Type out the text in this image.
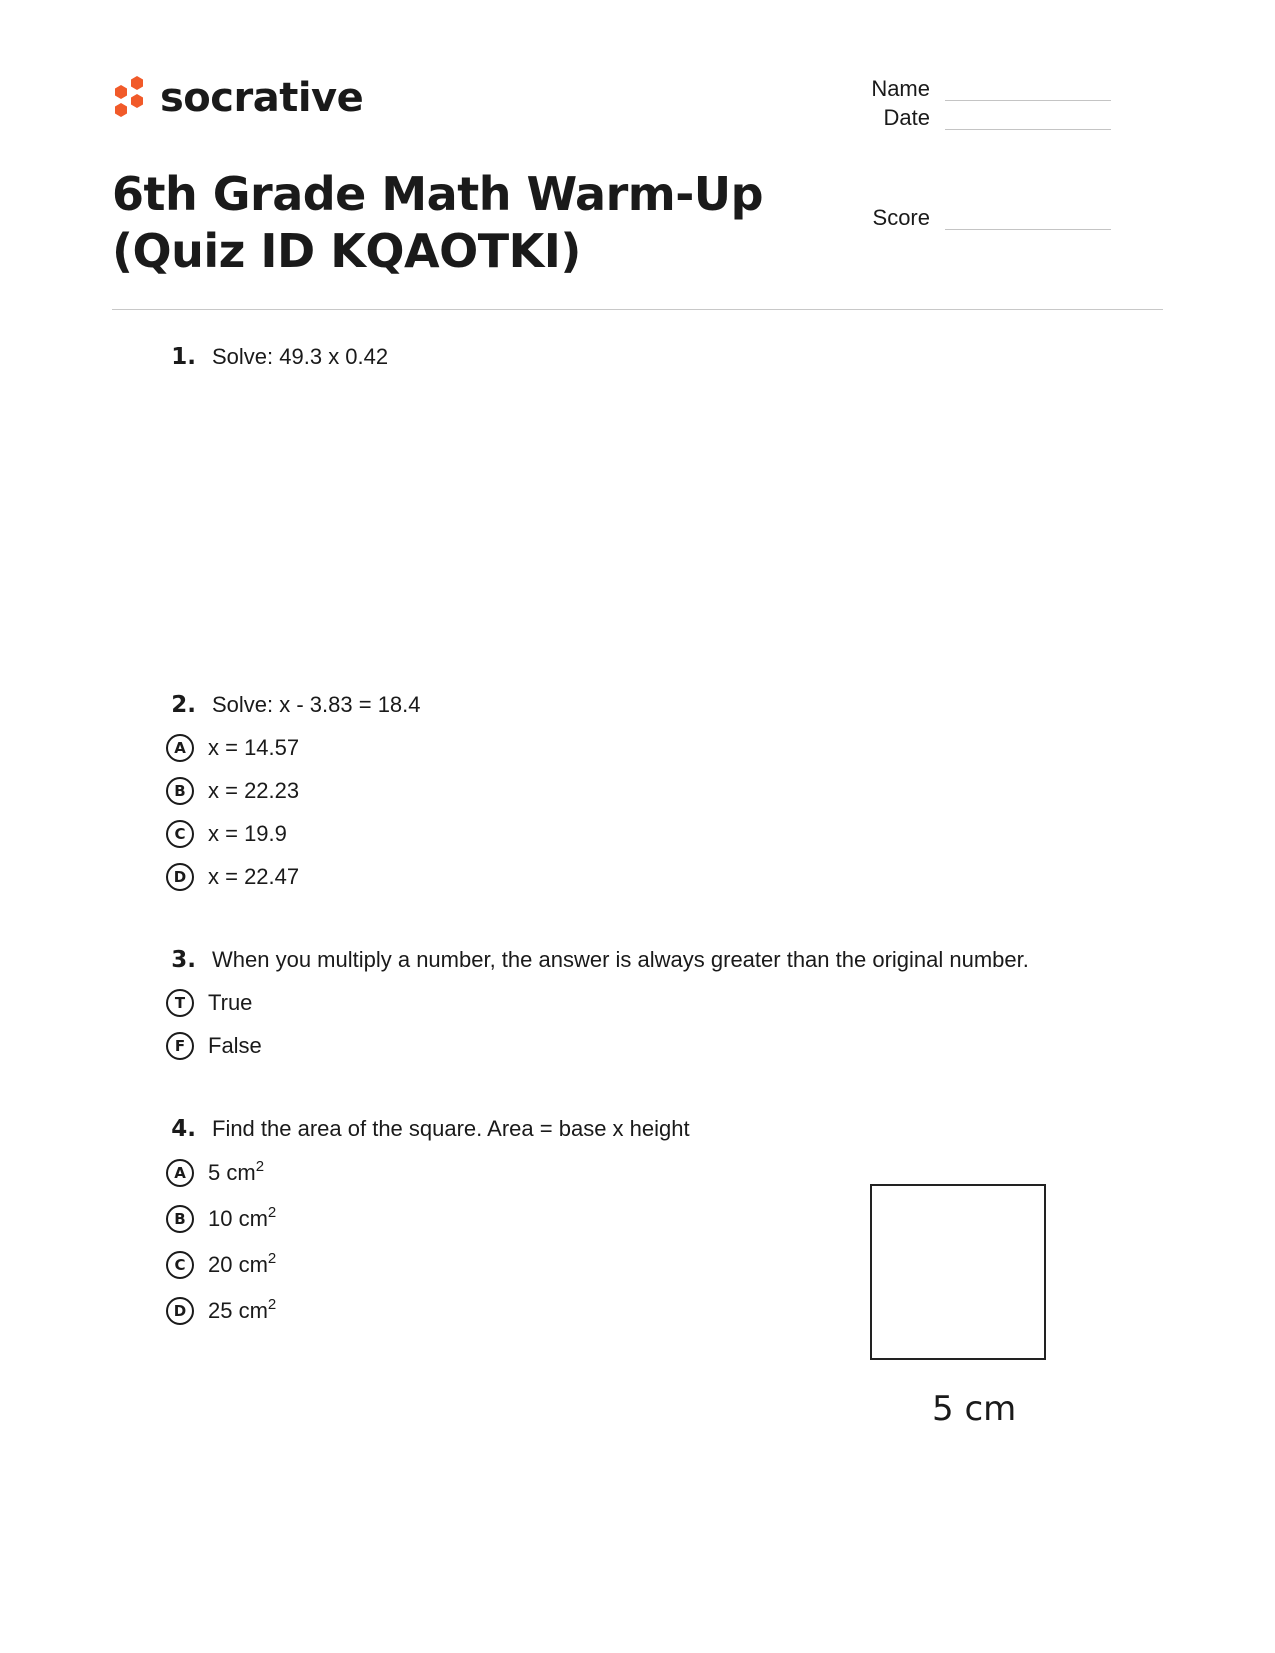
socrative	Name
Date
Score
6th Grade Math Warm-Up (Quiz ID KQAOTKI)
1. Solve: 49.3 x 0.42
2. Solve: x - 3.83 = 18.4
A	x = 14.57
B	x = 22.23
C	x = 19.9
D x = 22.47
3. When you multiply a number, the answer is always greater than the original number.
T	True
F	False
4. Find the area of the square. Area = base x height
A	5 $cm^2$
B	10 $cm^2$
C	20 $cm^2$
D 25 $cm^2$
5 cm
